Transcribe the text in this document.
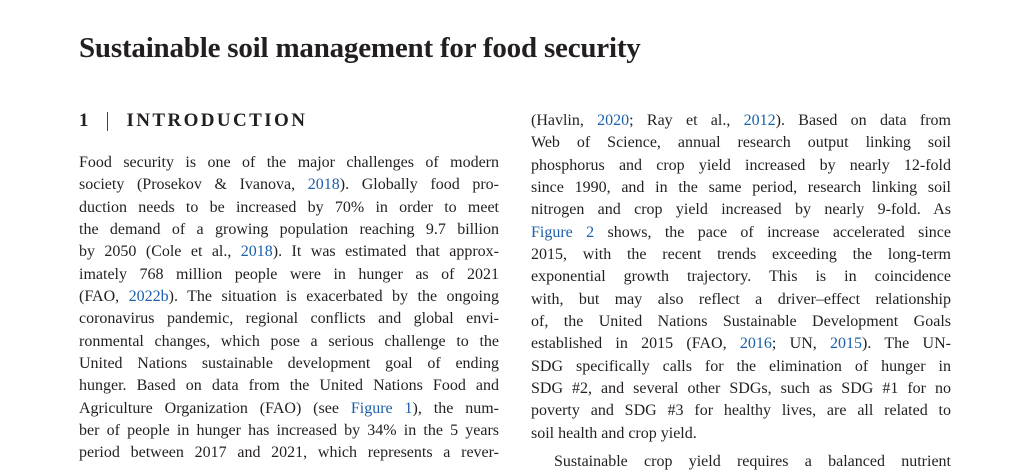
Sustainable soil management for food security
1 INTRODUCTION
Food security is one of the major challenges of modern
society (Prosekov & Ivanova, 2018). Globally food pro-
duction needs to be increased by 70% in order to meet
the demand of a growing population reaching 9.7 billion
by 2050 (Cole et al., 2018). It was estimated that approx-
imately 768 million people were in hunger as of 2021
(FAO, 2022b). The situation is exacerbated by the ongoing
coronavirus pandemic, regional conflicts and global envi-
ronmental changes, which pose a serious challenge to the
United Nations sustainable development goal of ending
hunger. Based on data from the United Nations Food and
Agriculture Organization (FAO) (see Figure 1), the num-
ber of people in hunger has increased by 34% in the 5 years
period between 2017 and 2021, which represents a rever-
(Havlin, 2020; Ray et al., 2012). Based on data from
Web of Science, annual research output linking soil
phosphorus and crop yield increased by nearly 12-fold
since 1990, and in the same period, research linking soil
nitrogen and crop yield increased by nearly 9-fold. As
Figure 2 shows, the pace of increase accelerated since
2015, with the recent trends exceeding the long-term
exponential growth trajectory. This is in coincidence
with, but may also reflect a driver–effect relationship
of, the United Nations Sustainable Development Goals
established in 2015 (FAO, 2016; UN, 2015). The UN-
SDG specifically calls for the elimination of hunger in
SDG #2, and several other SDGs, such as SDG #1 for no
poverty and SDG #3 for healthy lives, are all related to
soil health and crop yield.
Sustainable crop yield requires a balanced nutrient
